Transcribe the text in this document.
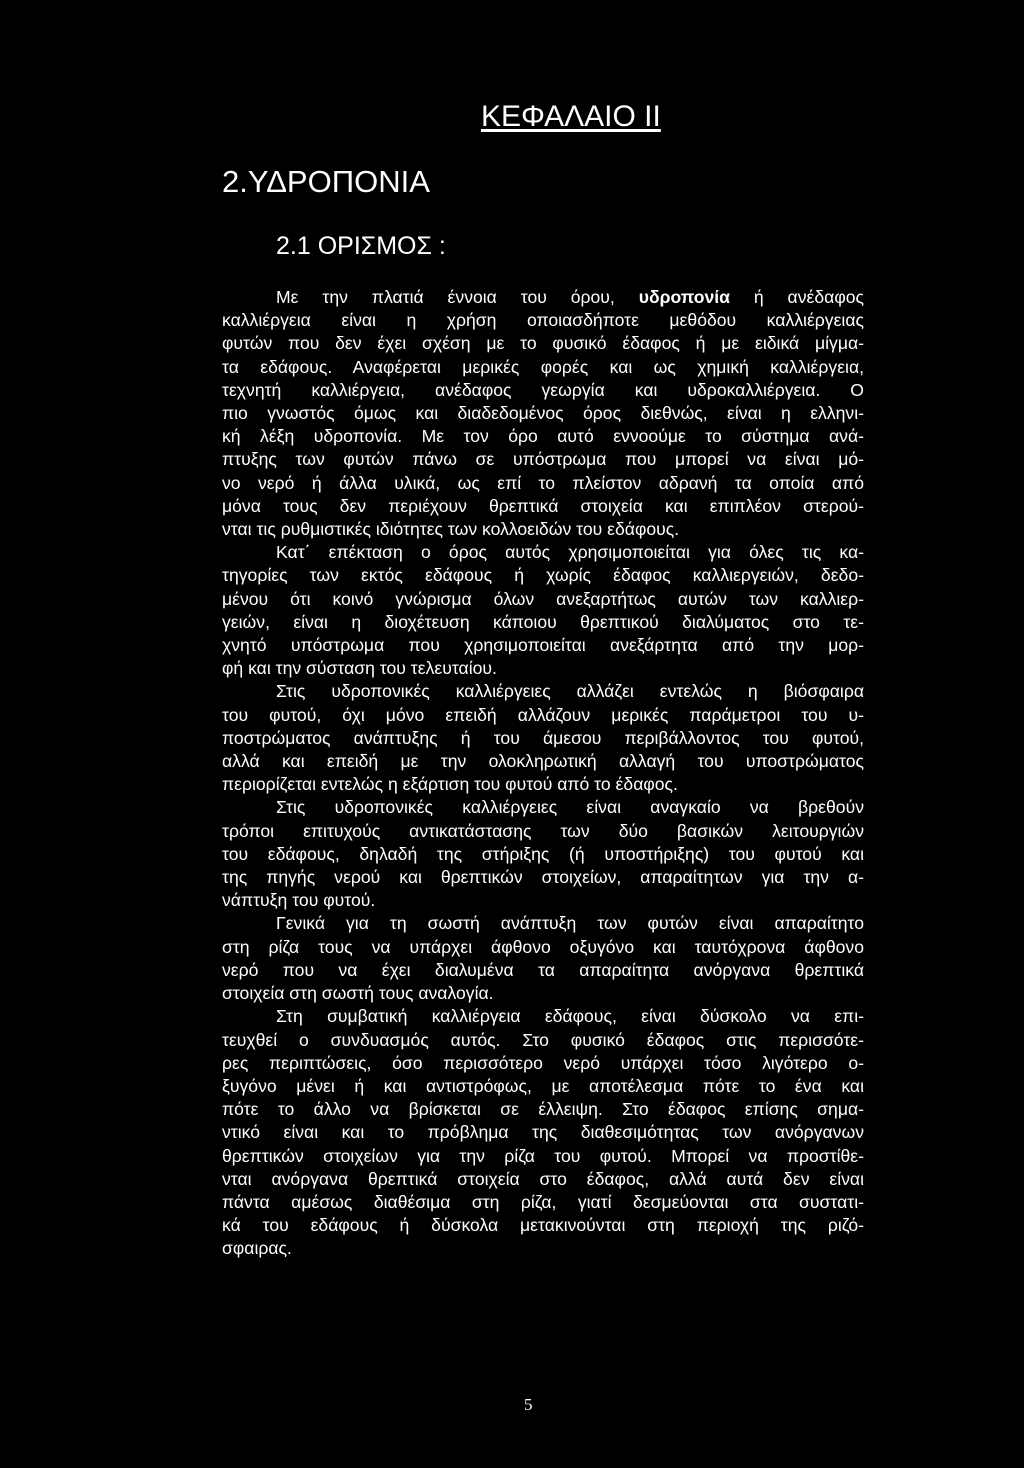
ΚΕΦΑΛΑΙΟ ΙΙ
2.ΥΔΡΟΠΟΝΙΑ
2.1 ΟΡΙΣΜΟΣ :
Με την πλατιά έννοια του όρου, υδροπονία ή ανέδαφος
καλλιέργεια είναι η χρήση οποιασδήποτε μεθόδου καλλιέργειας
φυτών που δεν έχει σχέση με το φυσικό έδαφος ή με ειδικά μίγμα-
τα εδάφους. Αναφέρεται μερικές φορές και ως χημική καλλιέργεια,
τεχνητή καλλιέργεια, ανέδαφος γεωργία και υδροκαλλιέργεια. Ο
πιο γνωστός όμως και διαδεδομένος όρος διεθνώς, είναι η ελληνι-
κή λέξη υδροπονία. Με τον όρο αυτό εννοούμε το σύστημα ανά-
πτυξης των φυτών πάνω σε υπόστρωμα που μπορεί να είναι μό-
νο νερό ή άλλα υλικά, ως επί το πλείστον αδρανή τα οποία από
μόνα τους δεν περιέχουν θρεπτικά στοιχεία και επιπλέον στερού-
νται τις ρυθμιστικές ιδιότητες των κολλοειδών του εδάφους.
Κατ΄ επέκταση ο όρος αυτός χρησιμοποιείται για όλες τις κα-
τηγορίες των εκτός εδάφους ή χωρίς έδαφος καλλιεργειών, δεδο-
μένου ότι κοινό γνώρισμα όλων ανεξαρτήτως αυτών των καλλιερ-
γειών, είναι η διοχέτευση κάποιου θρεπτικού διαλύματος στο τε-
χνητό υπόστρωμα που χρησιμοποιείται ανεξάρτητα από την μορ-
φή και την σύσταση του τελευταίου.
Στις υδροπονικές καλλιέργειες αλλάζει εντελώς η βιόσφαιρα
του φυτού, όχι μόνο επειδή αλλάζουν μερικές παράμετροι του υ-
ποστρώματος ανάπτυξης ή του άμεσου περιβάλλοντος του φυτού,
αλλά και επειδή με την ολοκληρωτική αλλαγή του υποστρώματος
περιορίζεται εντελώς η εξάρτιση του φυτού από το έδαφος.
Στις υδροπονικές καλλιέργειες είναι αναγκαίο να βρεθούν
τρόποι επιτυχούς αντικατάστασης των δύο βασικών λειτουργιών
του εδάφους, δηλαδή της στήριξης (ή υποστήριξης) του φυτού και
της πηγής νερού και θρεπτικών στοιχείων, απαραίτητων για την α-
νάπτυξη του φυτού.
Γενικά για τη σωστή ανάπτυξη των φυτών είναι απαραίτητο
στη ρίζα τους να υπάρχει άφθονο οξυγόνο και ταυτόχρονα άφθονο
νερό που να έχει διαλυμένα τα απαραίτητα ανόργανα θρεπτικά
στοιχεία στη σωστή τους αναλογία.
Στη συμβατική καλλιέργεια εδάφους, είναι δύσκολο να επι-
τευχθεί ο συνδυασμός αυτός. Στο φυσικό έδαφος στις περισσότε-
ρες περιπτώσεις, όσο περισσότερο νερό υπάρχει τόσο λιγότερο ο-
ξυγόνο μένει ή και αντιστρόφως, με αποτέλεσμα πότε το ένα και
πότε το άλλο να βρίσκεται σε έλλειψη. Στο έδαφος επίσης σημα-
ντικό είναι και το πρόβλημα της διαθεσιμότητας των ανόργανων
θρεπτικών στοιχείων για την ρίζα του φυτού. Μπορεί να προστίθε-
νται ανόργανα θρεπτικά στοιχεία στο έδαφος, αλλά αυτά δεν είναι
πάντα αμέσως διαθέσιμα στη ρίζα, γιατί δεσμεύονται στα συστατι-
κά του εδάφους ή δύσκολα μετακινούνται στη περιοχή της ριζό-
σφαιρας.
5
